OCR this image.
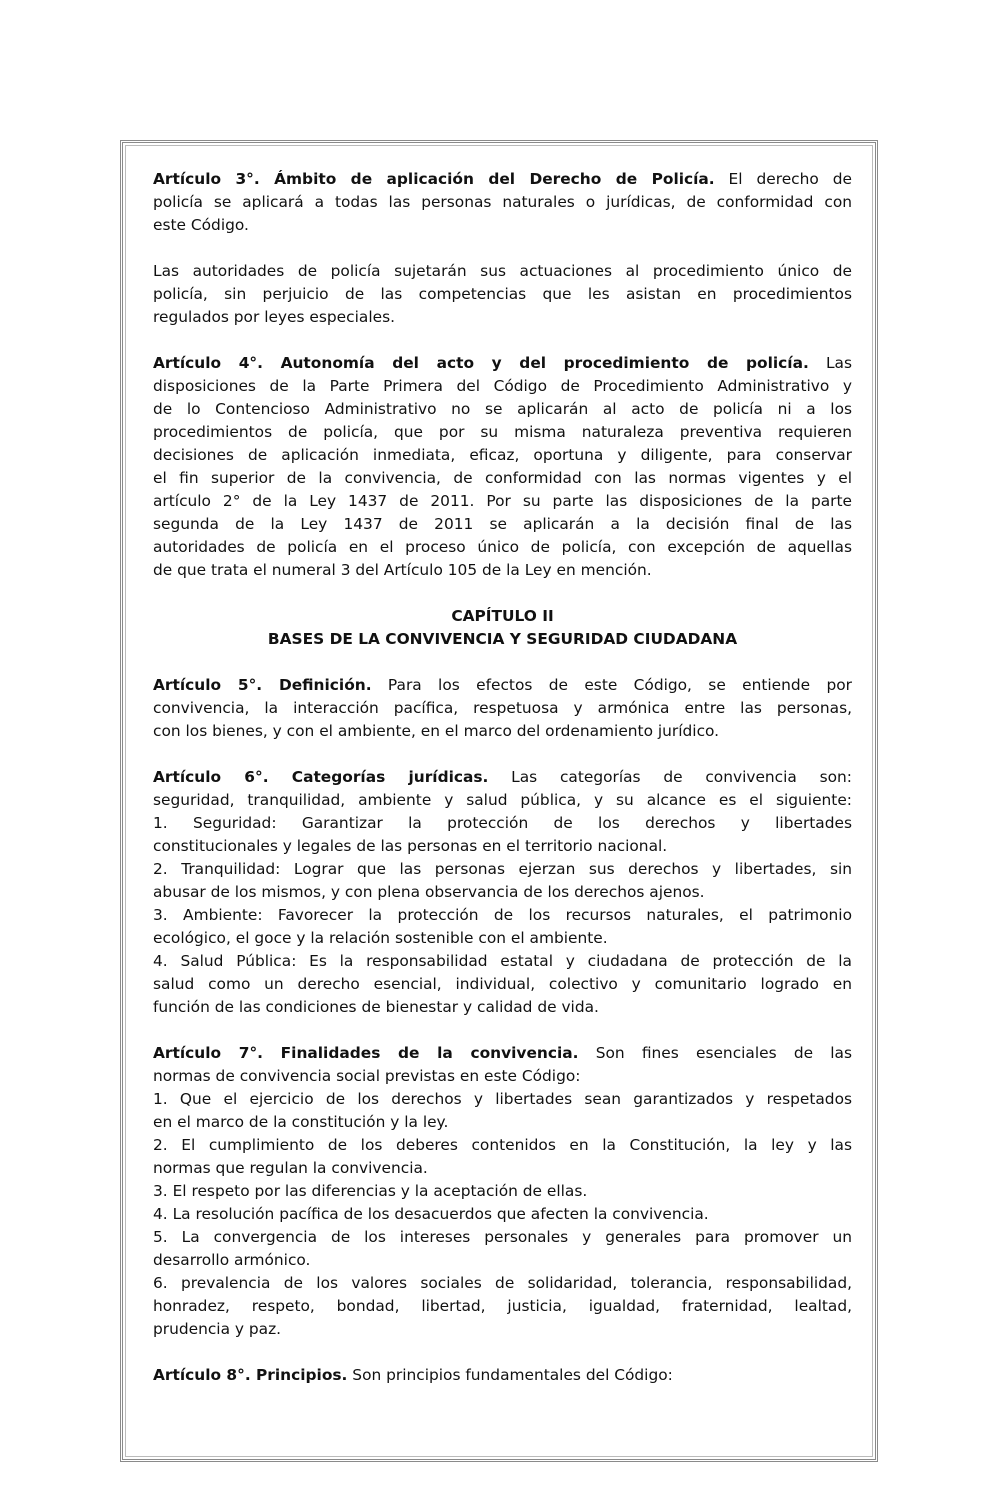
Artículo 3°. Ámbito de aplicación del Derecho de Policía. El derecho de
policía se aplicará a todas las personas naturales o jurídicas, de conformidad con
este Código.
Las autoridades de policía sujetarán sus actuaciones al procedimiento único de
policía, sin perjuicio de las competencias que les asistan en procedimientos
regulados por leyes especiales.
Artículo 4°. Autonomía del acto y del procedimiento de policía. Las
disposiciones de la Parte Primera del Código de Procedimiento Administrativo y
de lo Contencioso Administrativo no se aplicarán al acto de policía ni a los
procedimientos de policía, que por su misma naturaleza preventiva requieren
decisiones de aplicación inmediata, eficaz, oportuna y diligente, para conservar
el fin superior de la convivencia, de conformidad con las normas vigentes y el
artículo 2° de la Ley 1437 de 2011. Por su parte las disposiciones de la parte
segunda de la Ley 1437 de 2011 se aplicarán a la decisión final de las
autoridades de policía en el proceso único de policía, con excepción de aquellas
de que trata el numeral 3 del Artículo 105 de la Ley en mención.
CAPÍTULO II
BASES DE LA CONVIVENCIA Y SEGURIDAD CIUDADANA
Artículo 5°. Definición. Para los efectos de este Código, se entiende por
convivencia, la interacción pacífica, respetuosa y armónica entre las personas,
con los bienes, y con el ambiente, en el marco del ordenamiento jurídico.
Artículo 6°. Categorías jurídicas. Las categorías de convivencia son:
seguridad, tranquilidad, ambiente y salud pública, y su alcance es el siguiente:
1. Seguridad: Garantizar la protección de los derechos y libertades
constitucionales y legales de las personas en el territorio nacional.
2. Tranquilidad: Lograr que las personas ejerzan sus derechos y libertades, sin
abusar de los mismos, y con plena observancia de los derechos ajenos.
3. Ambiente: Favorecer la protección de los recursos naturales, el patrimonio
ecológico, el goce y la relación sostenible con el ambiente.
4. Salud Pública: Es la responsabilidad estatal y ciudadana de protección de la
salud como un derecho esencial, individual, colectivo y comunitario logrado en
función de las condiciones de bienestar y calidad de vida.
Artículo 7°. Finalidades de la convivencia. Son fines esenciales de las
normas de convivencia social previstas en este Código:
1. Que el ejercicio de los derechos y libertades sean garantizados y respetados
en el marco de la constitución y la ley.
2. El cumplimiento de los deberes contenidos en la Constitución, la ley y las
normas que regulan la convivencia.
3. El respeto por las diferencias y la aceptación de ellas.
4. La resolución pacífica de los desacuerdos que afecten la convivencia.
5. La convergencia de los intereses personales y generales para promover un
desarrollo armónico.
6. prevalencia de los valores sociales de solidaridad, tolerancia, responsabilidad,
honradez, respeto, bondad, libertad, justicia, igualdad, fraternidad, lealtad,
prudencia y paz.
Artículo 8°. Principios. Son principios fundamentales del Código:
